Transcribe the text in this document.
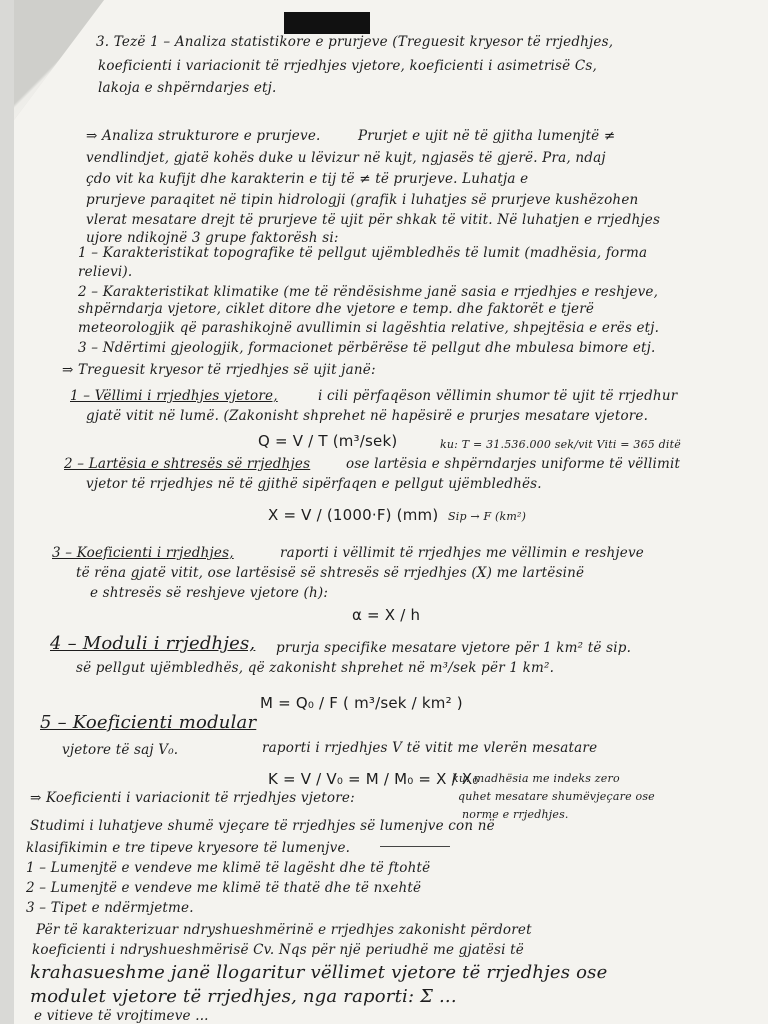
3. Tezë 1 – Analiza statistikore e prurjeve (Treguesit kryesor të rrjedhjes,

koeficienti i variacionit të rrjedhjes vjetore, koeficienti i asimetrisë Cs,

lakoja e shpërndarjes etj.

⇒ Analiza strukturore e prurjeve.	Prurjet e ujit në të gjitha lumenjtë ≠

vendlindjet, gjatë kohës duke u lëvizur në kujt, ngjasës të gjerë. Pra, ndaj

çdo vit ka kufijt dhe karakterin e tij të ≠ të prurjeve. Luhatja e

prurjeve paraqitet në tipin hidrologji (grafik i luhatjes së prurjeve kushëzohen

vlerat mesatare drejt të prurjeve të ujit për shkak të vitit. Në luhatjen e rrjedhjes

ujore ndikojnë 3 grupe faktorësh si:

1 – Karakteristikat topografike të pellgut ujëmbledhës të lumit (madhësia, forma

relievi).

2 – Karakteristikat klimatike (me të rëndësishme janë sasia e rrjedhjes e reshjeve,

shpërndarja vjetore, ciklet ditore dhe vjetore e temp. dhe faktorët e tjerë

meteorologjik që parashikojnë avullimin si lagështia relative, shpejtësia e erës etj.

3 – Ndërtimi gjeologjik, formacionet përbërëse të pellgut dhe mbulesa bimore etj.

⇒ Treguesit kryesor të rrjedhjes së ujit janë:

1 – Vëllimi i rrjedhjes vjetore,	i cili përfaqëson vëllimin shumor të ujit të rrjedhur

gjatë vitit në lumë. (Zakonisht shprehet në hapësirë e prurjes mesatare vjetore.

Q = V / T (m³/sek)	ku: T = 31.536.000 sek/vit Viti = 365 ditë

2 – Lartësia e shtresës së rrjedhjes	ose lartësia e shpërndarjes uniforme të vëllimit

vjetor të rrjedhjes në të gjithë sipërfaqen e pellgut ujëmbledhës.

X = V / (1000·F) (mm) Sip → F (km²)

3 – Koeficienti i rrjedhjes,	raporti i vëllimit të rrjedhjes me vëllimin e reshjeve

të rëna gjatë vitit, ose lartësisë së shtresës së rrjedhjes (X) me lartësinë

e shtresës së reshjeve vjetore (h):

α = X / h

4 – Moduli i rrjedhjes, prurja specifike mesatare vjetore për 1 km² të sip.

së pellgut ujëmbledhës, që zakonisht shprehet në m³/sek për 1 km².

M = Q₀ / F ( m³/sek / km² )

5 – Koeficienti modular

raporti i rrjedhjes V të vitit me vlerën mesatare

vjetore të saj V₀.

K = V / V₀ = M / M₀ = X / X₀

ku: madhësia me indeks zero

quhet mesatare shumëvjeçare ose

norme e rrjedhjes.

⇒ Koeficienti i variacionit të rrjedhjes vjetore:

Studimi i luhatjeve shumë vjeçare të rrjedhjes së lumenjve con në

klasifikimin e tre tipeve kryesore të lumenjve.

1 – Lumenjtë e vendeve me klimë të lagësht dhe të ftohtë

2 – Lumenjtë e vendeve me klimë të thatë dhe të nxehtë

3 – Tipet e ndërmjetme.

Për të karakterizuar ndryshueshmërinë e rrjedhjes zakonisht përdoret

koeficienti i ndryshueshmërisë Cv. Nqs për një periudhë me gjatësi të

krahasueshme janë llogaritur vëllimet vjetore të rrjedhjes ose

modulet vjetore të rrjedhjes, nga raporti: Σ ...

e vitieve të vrojtimeve ...
